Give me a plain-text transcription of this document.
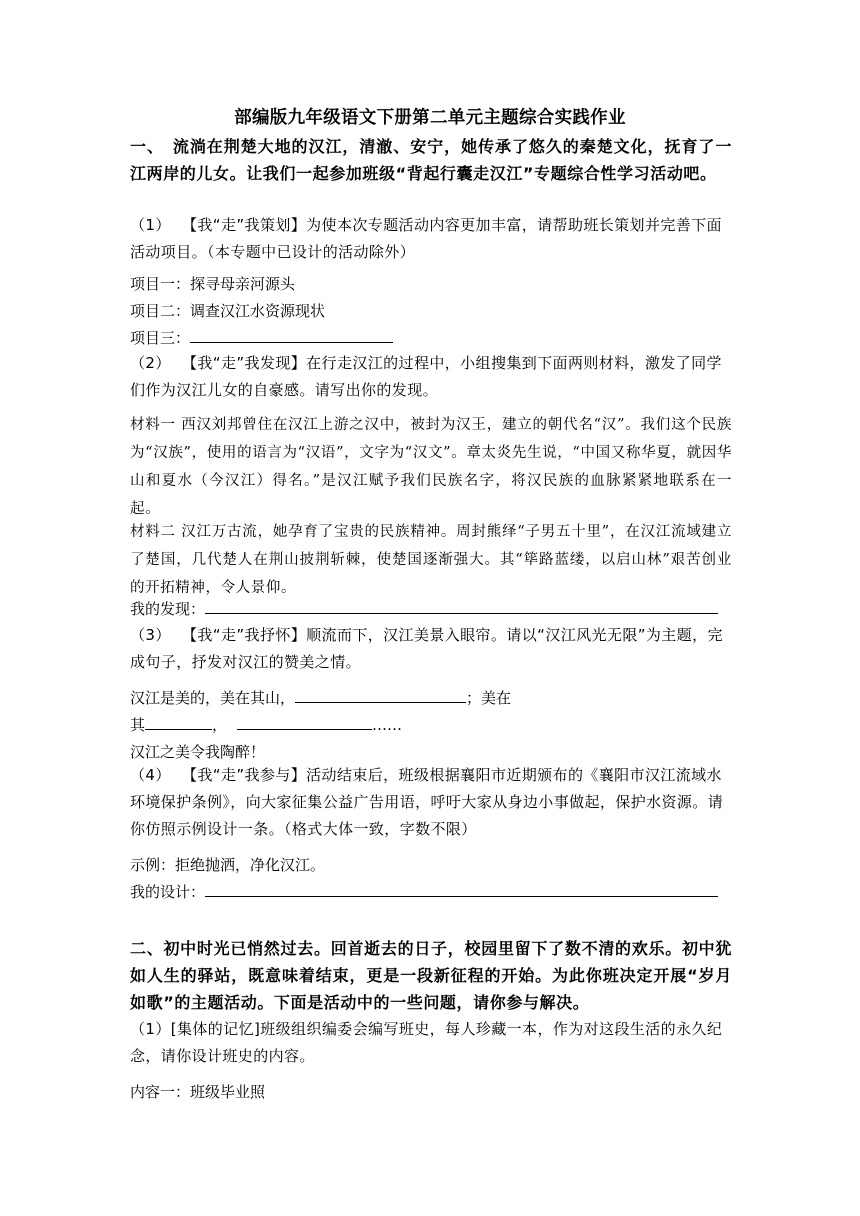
部编版九年级语文下册第二单元主题综合实践作业
一、　流淌在荆楚大地的汉江，清澈、安宁，她传承了悠久的秦楚文化，抚育了一江两岸的儿女。让我们一起参加班级“背起行囊走汉江”专题综合性学习活动吧。
（1） 【我“走”我策划】为使本次专题活动内容更加丰富，请帮助班长策划并完善下面活动项目。（本专题中已设计的活动除外）
项目一：探寻母亲河源头
项目二：调查汉江水资源现状
项目三：
（2） 【我“走”我发现】在行走汉江的过程中，小组搜集到下面两则材料，激发了同学们作为汉江儿女的自豪感。请写出你的发现。
材料一 西汉刘邦曾住在汉江上游之汉中，被封为汉王，建立的朝代名“汉”。我们这个民族为“汉族”，使用的语言为“汉语”，文字为“汉文”。章太炎先生说，“中国又称华夏，就因华山和夏水（今汉江）得名。”是汉江赋予我们民族名字，将汉民族的血脉紧紧地联系在一起。
材料二 汉江万古流，她孕育了宝贵的民族精神。周封熊绎“子男五十里”，在汉江流域建立了楚国，几代楚人在荆山披荆斩棘，使楚国逐渐强大。其“筚路蓝缕，以启山林”艰苦创业的开拓精神，令人景仰。
我的发现：
（3） 【我“走”我抒怀】顺流而下，汉江美景入眼帘。请以“汉江风光无限”为主题，完成句子，抒发对汉江的赞美之情。
汉江是美的，美在其山，	；美在
其	，	……
汉江之美令我陶醉！
（4） 【我“走”我参与】活动结束后，班级根据襄阳市近期颁布的《襄阳市汉江流域水环境保护条例》，向大家征集公益广告用语，呼吁大家从身边小事做起，保护水资源。请你仿照示例设计一条。（格式大体一致，字数不限）
示例：拒绝抛洒，净化汉江。
我的设计：
二、初中时光已悄然过去。回首逝去的日子，校园里留下了数不清的欢乐。初中犹如人生的驿站，既意味着结束，更是一段新征程的开始。为此你班决定开展“岁月如歌”的主题活动。下面是活动中的一些问题，请你参与解决。
（1）[集体的记忆]班级组织编委会编写班史，每人珍藏一本，作为对这段生活的永久纪念，请你设计班史的内容。
内容一：班级毕业照
